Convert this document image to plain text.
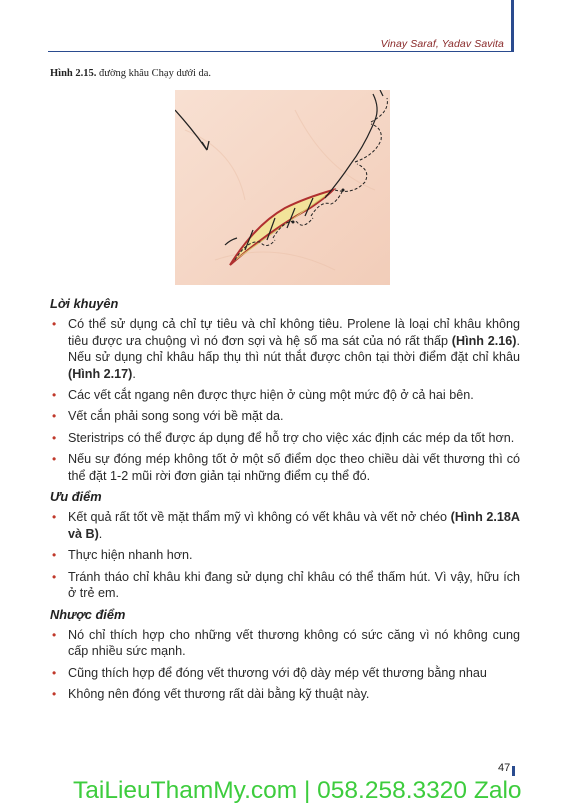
Vinay Saraf, Yadav Savita
Hình 2.15. đường khâu Chạy dưới da.
Lời khuyên
• Có thể sử dụng cả chỉ tự tiêu và chỉ không tiêu. Prolene là loại chỉ khâu không tiêu được ưa chuộng vì nó đơn sợi và hệ số ma sát của nó rất thấp (Hình 2.16). Nếu sử dụng chỉ khâu hấp thụ thì nút thắt được chôn tại thời điểm đặt chỉ khâu (Hình 2.17).
• Các vết cắt ngang nên được thực hiện ở cùng một mức độ ở cả hai bên.
• Vết cắn phải song song với bề mặt da.
• Steristrips có thể được áp dụng để hỗ trợ cho việc xác định các mép da tốt hơn.
• Nếu sự đóng mép không tốt ở một số điểm dọc theo chiều dài vết thương thì có thể đặt 1-2 mũi rời đơn giản tại những điểm cụ thể đó.
Ưu điểm
• Kết quả rất tốt về mặt thẩm mỹ vì không có vết khâu và vết nở chéo (Hình 2.18A và B).
• Thực hiện nhanh hơn.
• Tránh tháo chỉ khâu khi đang sử dụng chỉ khâu có thể thấm hút. Vì vậy, hữu ích ở trẻ em.
Nhược điểm
• Nó chỉ thích hợp cho những vết thương không có sức căng vì nó không cung cấp nhiều sức mạnh.
• Cũng thích hợp để đóng vết thương với độ dày mép vết thương bằng nhau
• Không nên đóng vết thương rất dài bằng kỹ thuật này.
47
TaiLieuThamMy.com | 058.258.3320 Zalo
